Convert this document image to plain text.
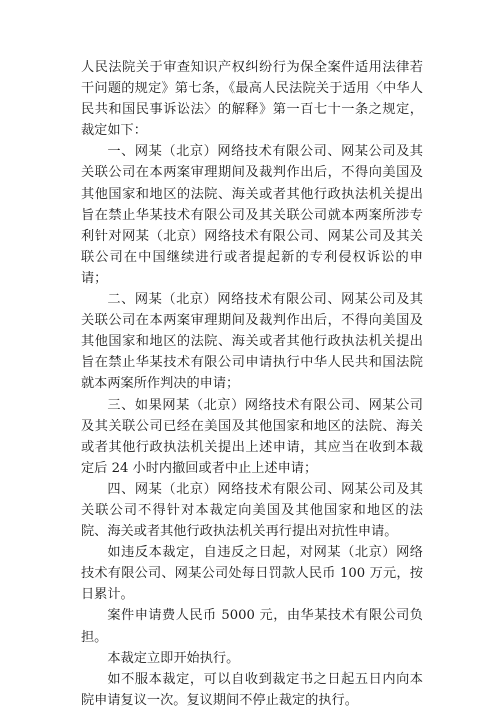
人民法院关于审查知识产权纠纷行为保全案件适用法律若干问题的规定》第七条，《最高人民法院关于适用〈中华人民共和国民事诉讼法〉的解释》第一百七十一条之规定，裁定如下：

一、网某（北京）网络技术有限公司、网某公司及其关联公司在本两案审理期间及裁判作出后，不得向美国及其他国家和地区的法院、海关或者其他行政执法机关提出旨在禁止华某技术有限公司及其关联公司就本两案所涉专利针对网某（北京）网络技术有限公司、网某公司及其关联公司在中国继续进行或者提起新的专利侵权诉讼的申请；

二、网某（北京）网络技术有限公司、网某公司及其关联公司在本两案审理期间及裁判作出后，不得向美国及其他国家和地区的法院、海关或者其他行政执法机关提出旨在禁止华某技术有限公司申请执行中华人民共和国法院就本两案所作判决的申请；

三、如果网某（北京）网络技术有限公司、网某公司及其关联公司已经在美国及其他国家和地区的法院、海关或者其他行政执法机关提出上述申请，其应当在收到本裁定后 24 小时内撤回或者中止上述申请；

四、网某（北京）网络技术有限公司、网某公司及其关联公司不得针对本裁定向美国及其他国家和地区的法院、海关或者其他行政执法机关再行提出对抗性申请。

如违反本裁定，自违反之日起，对网某（北京）网络技术有限公司、网某公司处每日罚款人民币 100 万元，按日累计。

案件申请费人民币 5000 元，由华某技术有限公司负担。

本裁定立即开始执行。

如不服本裁定，可以自收到裁定书之日起五日内向本院申请复议一次。复议期间不停止裁定的执行。
